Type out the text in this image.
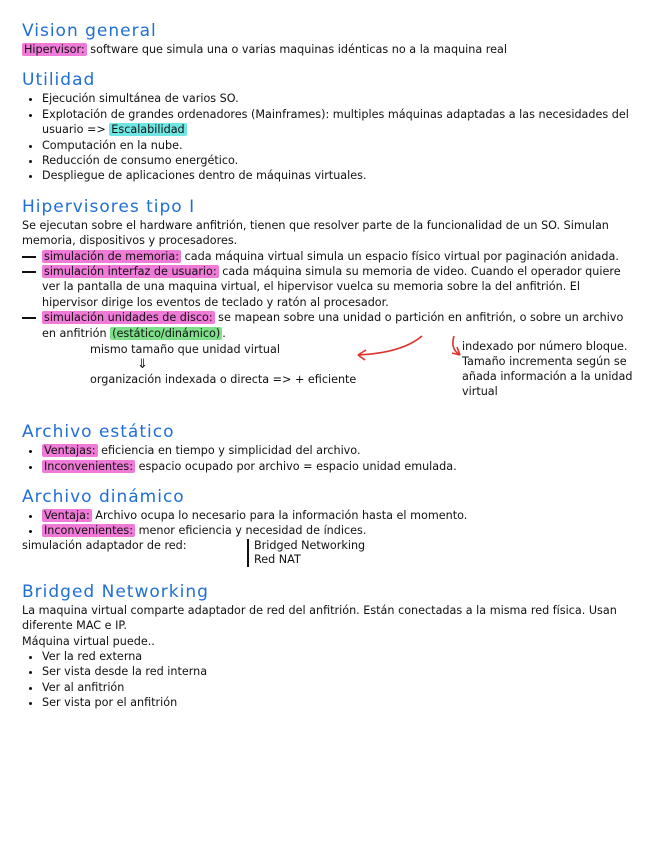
Vision general

Hipervisor: software que simula una o varias maquinas idénticas no a la maquina real

Utilidad
• Ejecución simultánea de varios SO.
• Explotación de grandes ordenadores (Mainframes): multiples máquinas adaptadas a las necesidades del usuario => Escalabilidad
• Computación en la nube.
• Reducción de consumo energético.
• Despliegue de aplicaciones dentro de máquinas virtuales.
Hipervisores tipo I

Se ejecutan sobre el hardware anfitrión, tienen que resolver parte de la funcionalidad de un SO. Simulan memoria, dispositivos y procesadores.

simulación de memoria: cada máquina virtual simula un espacio físico virtual por paginación anidada.
simulación interfaz de usuario: cada máquina simula su memoria de video. Cuando el operador quiere ver la pantalla de una maquina virtual, el hipervisor vuelca su memoria sobre la del anfitrión. El hipervisor dirige los eventos de teclado y ratón al procesador.
simulación unidades de disco: se mapean sobre una unidad o partición en anfitrión, o sobre un archivo en anfitrión (estático/dinámico) .
mismo tamaño que unidad virtual
⇓
organización indexada o directa => + eficiente
indexado por número bloque. Tamaño incrementa según se añada información a la unidad virtual
Archivo estático
• Ventajas: eficiencia en tiempo y simplicidad del archivo.
• Inconvenientes: espacio ocupado por archivo = espacio unidad emulada.
Archivo dinámico
• Ventaja: Archivo ocupa lo necesario para la información hasta el momento.
• Inconvenientes: menor eficiencia y necesidad de índices.
simulación adaptador de red:	Bridged Networking
Red NAT
Bridged Networking

La maquina virtual comparte adaptador de red del anfitrión. Están conectadas a la misma red física. Usan diferente MAC e IP.

Máquina virtual puede..

• Ver la red externa
• Ser vista desde la red interna
• Ver al anfitrión
• Ser vista por el anfitrión
